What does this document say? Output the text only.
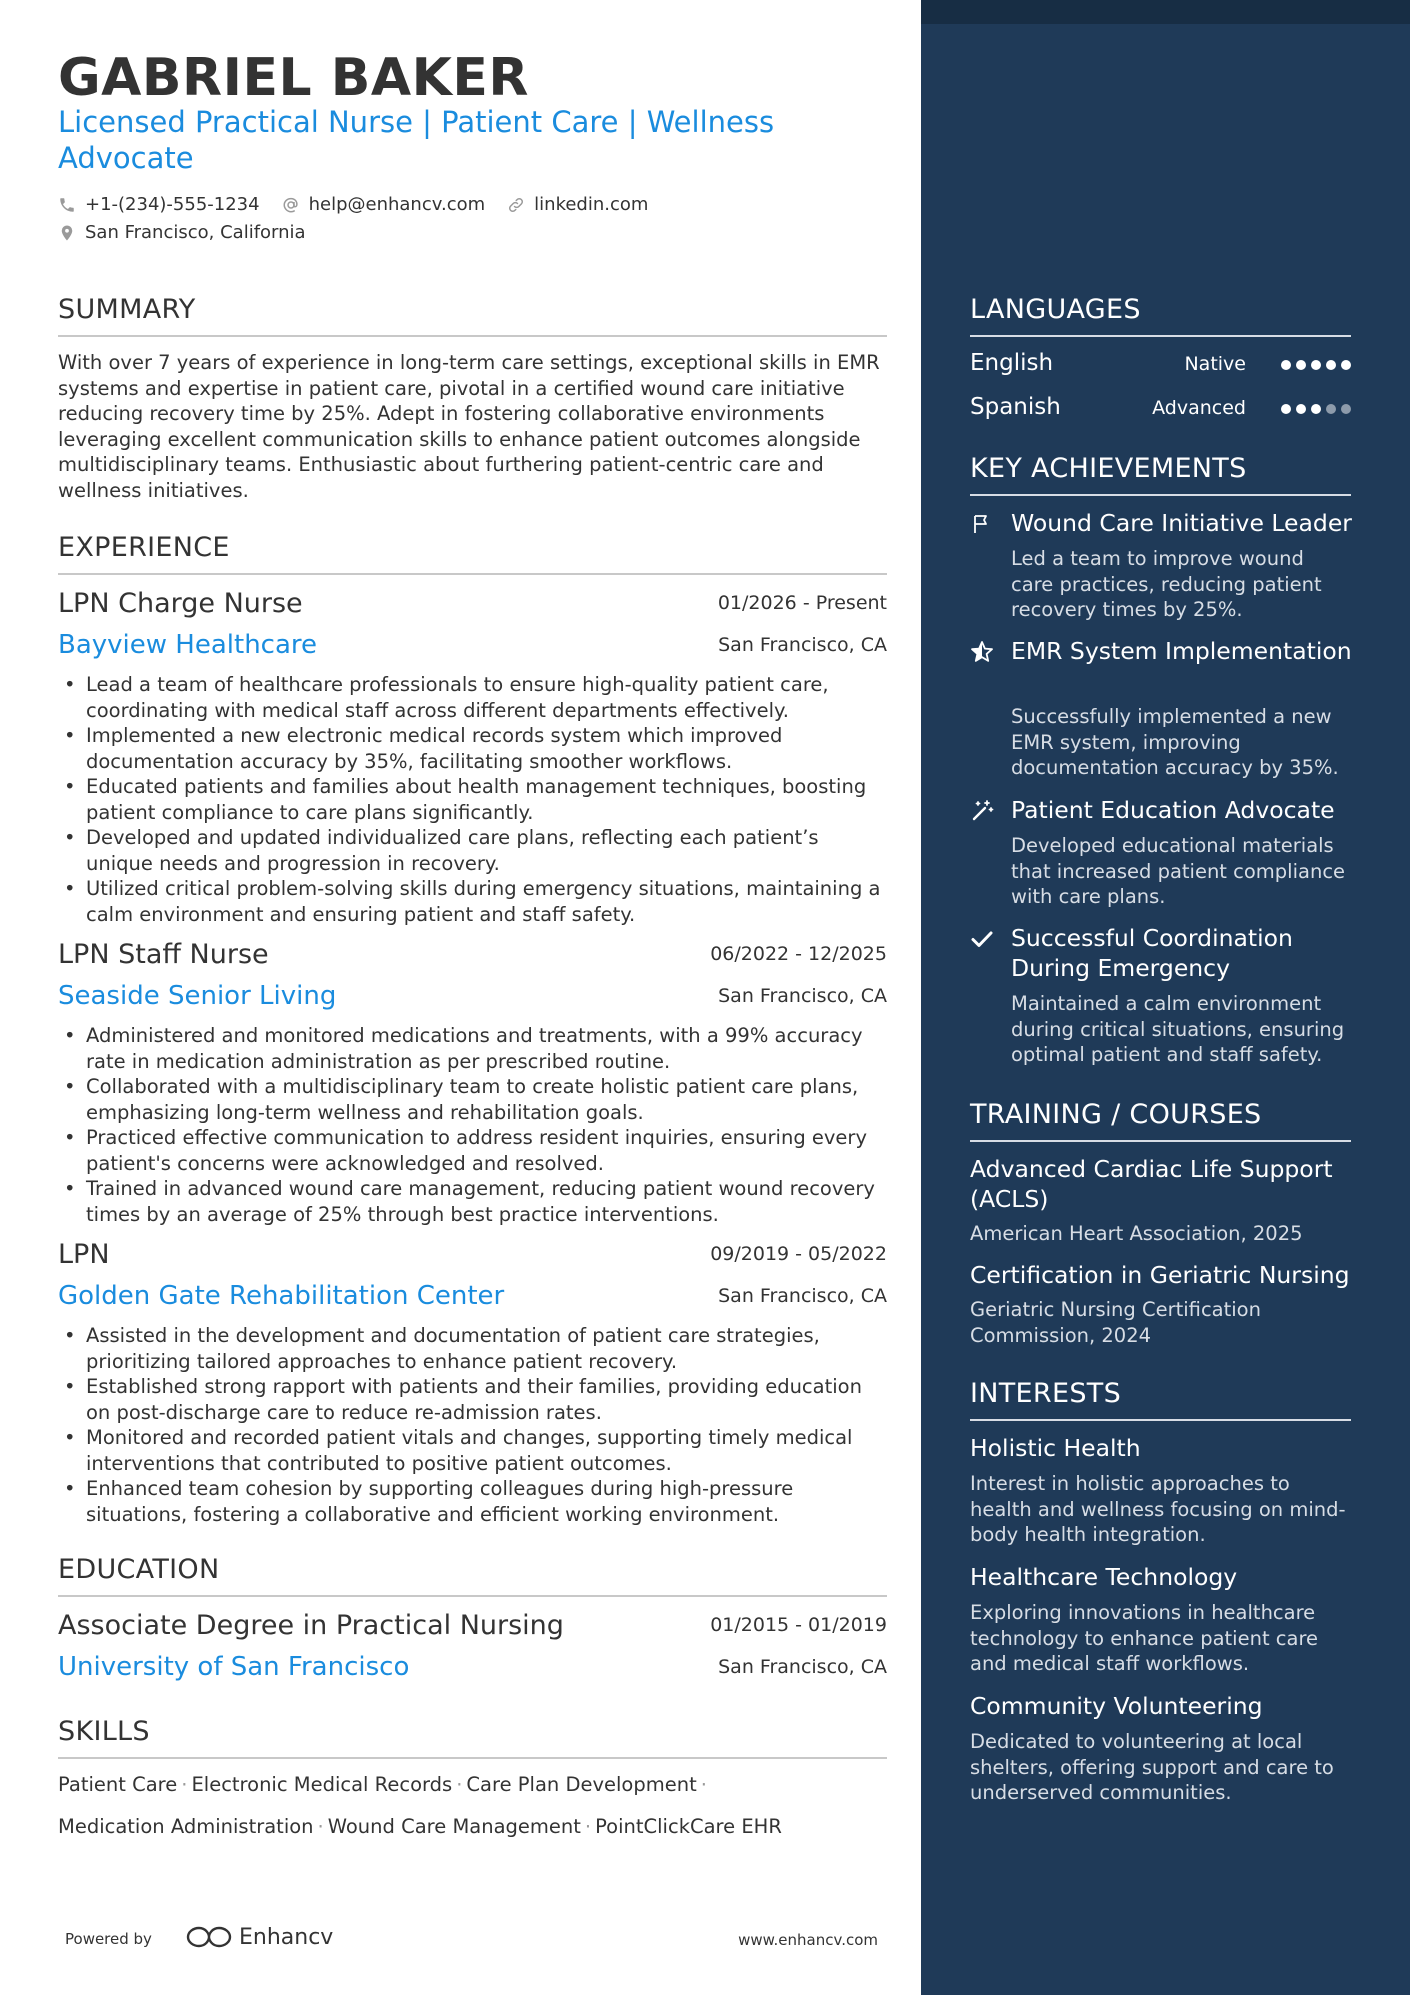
GABRIEL BAKER
Licensed Practical Nurse | Patient Care | Wellness Advocate
+1-(234)-555-1234	help@enhancv.com	linkedin.com
San Francisco, California
SUMMARY

With over 7 years of experience in long-term care settings, exceptional skills in EMR systems and expertise in patient care, pivotal in a certified wound care initiative reducing recovery time by 25%. Adept in fostering collaborative environments leveraging excellent communication skills to enhance patient outcomes alongside multidisciplinary teams. Enthusiastic about furthering patient-centric care and wellness initiatives.

EXPERIENCE
LPN Charge Nurse	01/2026 - Present
Bayview Healthcare	San Francisco, CA
• Lead a team of healthcare professionals to ensure high-quality patient care, coordinating with medical staff across different departments effectively.
• Implemented a new electronic medical records system which improved documentation accuracy by 35%, facilitating smoother workflows.
• Educated patients and families about health management techniques, boosting patient compliance to care plans significantly.
• Developed and updated individualized care plans, reflecting each patient’s unique needs and progression in recovery.
• Utilized critical problem-solving skills during emergency situations, maintaining a calm environment and ensuring patient and staff safety.
LPN Staff Nurse	06/2022 - 12/2025
Seaside Senior Living	San Francisco, CA
• Administered and monitored medications and treatments, with a 99% accuracy rate in medication administration as per prescribed routine.
• Collaborated with a multidisciplinary team to create holistic patient care plans, emphasizing long-term wellness and rehabilitation goals.
• Practiced effective communication to address resident inquiries, ensuring every patient's concerns were acknowledged and resolved.
• Trained in advanced wound care management, reducing patient wound recovery times by an average of 25% through best practice interventions.
LPN	09/2019 - 05/2022
Golden Gate Rehabilitation Center	San Francisco, CA
• Assisted in the development and documentation of patient care strategies, prioritizing tailored approaches to enhance patient recovery.
• Established strong rapport with patients and their families, providing education on post-discharge care to reduce re-admission rates.
• Monitored and recorded patient vitals and changes, supporting timely medical interventions that contributed to positive patient outcomes.
• Enhanced team cohesion by supporting colleagues during high-pressure situations, fostering a collaborative and efficient working environment.
EDUCATION
Associate Degree in Practical Nursing	01/2015 - 01/2019
University of San Francisco	San Francisco, CA
SKILLS
Patient Care · Electronic Medical Records · Care Plan Development ·
Medication Administration · Wound Care Management · PointClickCare EHR
Powered by	Enhancv	www.enhancv.com
LANGUAGES
English	Native
Spanish	Advanced
KEY ACHIEVEMENTS
Wound Care Initiative Leader

Led a team to improve wound care practices, reducing patient recovery times by 25%.

EMR System Implementation

Successfully implemented a new EMR system, improving documentation accuracy by 35%.

Patient Education Advocate

Developed educational materials that increased patient compliance with care plans.

Successful Coordination During Emergency

Maintained a calm environment during critical situations, ensuring optimal patient and staff safety.

TRAINING / COURSES
Advanced Cardiac Life Support (ACLS)

American Heart Association, 2025

Certification in Geriatric Nursing

Geriatric Nursing Certification Commission, 2024

INTERESTS
Holistic Health

Interest in holistic approaches to health and wellness focusing on mind-body health integration.

Healthcare Technology

Exploring innovations in healthcare technology to enhance patient care and medical staff workflows.

Community Volunteering

Dedicated to volunteering at local shelters, offering support and care to underserved communities.
